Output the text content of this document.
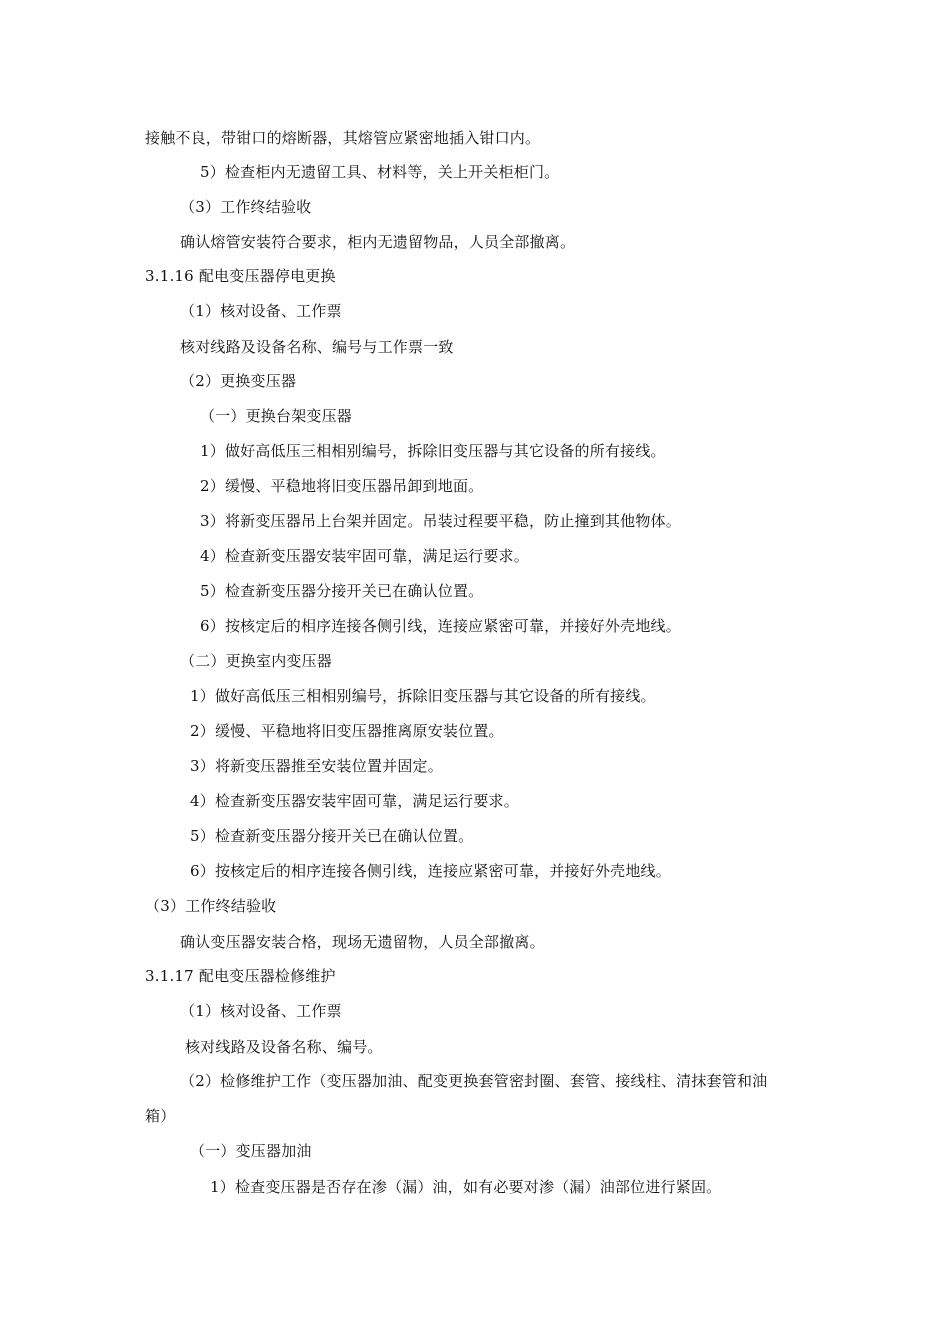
接触不良，带钳口的熔断器，其熔管应紧密地插入钳口内。
5）检查柜内无遗留工具、材料等，关上开关柜柜门。
（3）工作终结验收
确认熔管安装符合要求，柜内无遗留物品，人员全部撤离。
3.1.16 配电变压器停电更换
（1）核对设备、工作票
核对线路及设备名称、编号与工作票一致
（2）更换变压器
（一）更换台架变压器
1）做好高低压三相相别编号，拆除旧变压器与其它设备的所有接线。
2）缓慢、平稳地将旧变压器吊卸到地面。
3）将新变压器吊上台架并固定。吊装过程要平稳，防止撞到其他物体。
4）检查新变压器安装牢固可靠，满足运行要求。
5）检查新变压器分接开关已在确认位置。
6）按核定后的相序连接各侧引线，连接应紧密可靠，并接好外壳地线。
（二）更换室内变压器
1）做好高低压三相相别编号，拆除旧变压器与其它设备的所有接线。
2）缓慢、平稳地将旧变压器推离原安装位置。
3）将新变压器推至安装位置并固定。
4）检查新变压器安装牢固可靠，满足运行要求。
5）检查新变压器分接开关已在确认位置。
6）按核定后的相序连接各侧引线，连接应紧密可靠，并接好外壳地线。
（3）工作终结验收
确认变压器安装合格，现场无遗留物，人员全部撤离。
3.1.17 配电变压器检修维护
（1）核对设备、工作票
核对线路及设备名称、编号。
（2）检修维护工作（变压器加油、配变更换套管密封圈、套管、接线柱、清抹套管和油
箱）
（一）变压器加油
1）检查变压器是否存在渗（漏）油，如有必要对渗（漏）油部位进行紧固。
